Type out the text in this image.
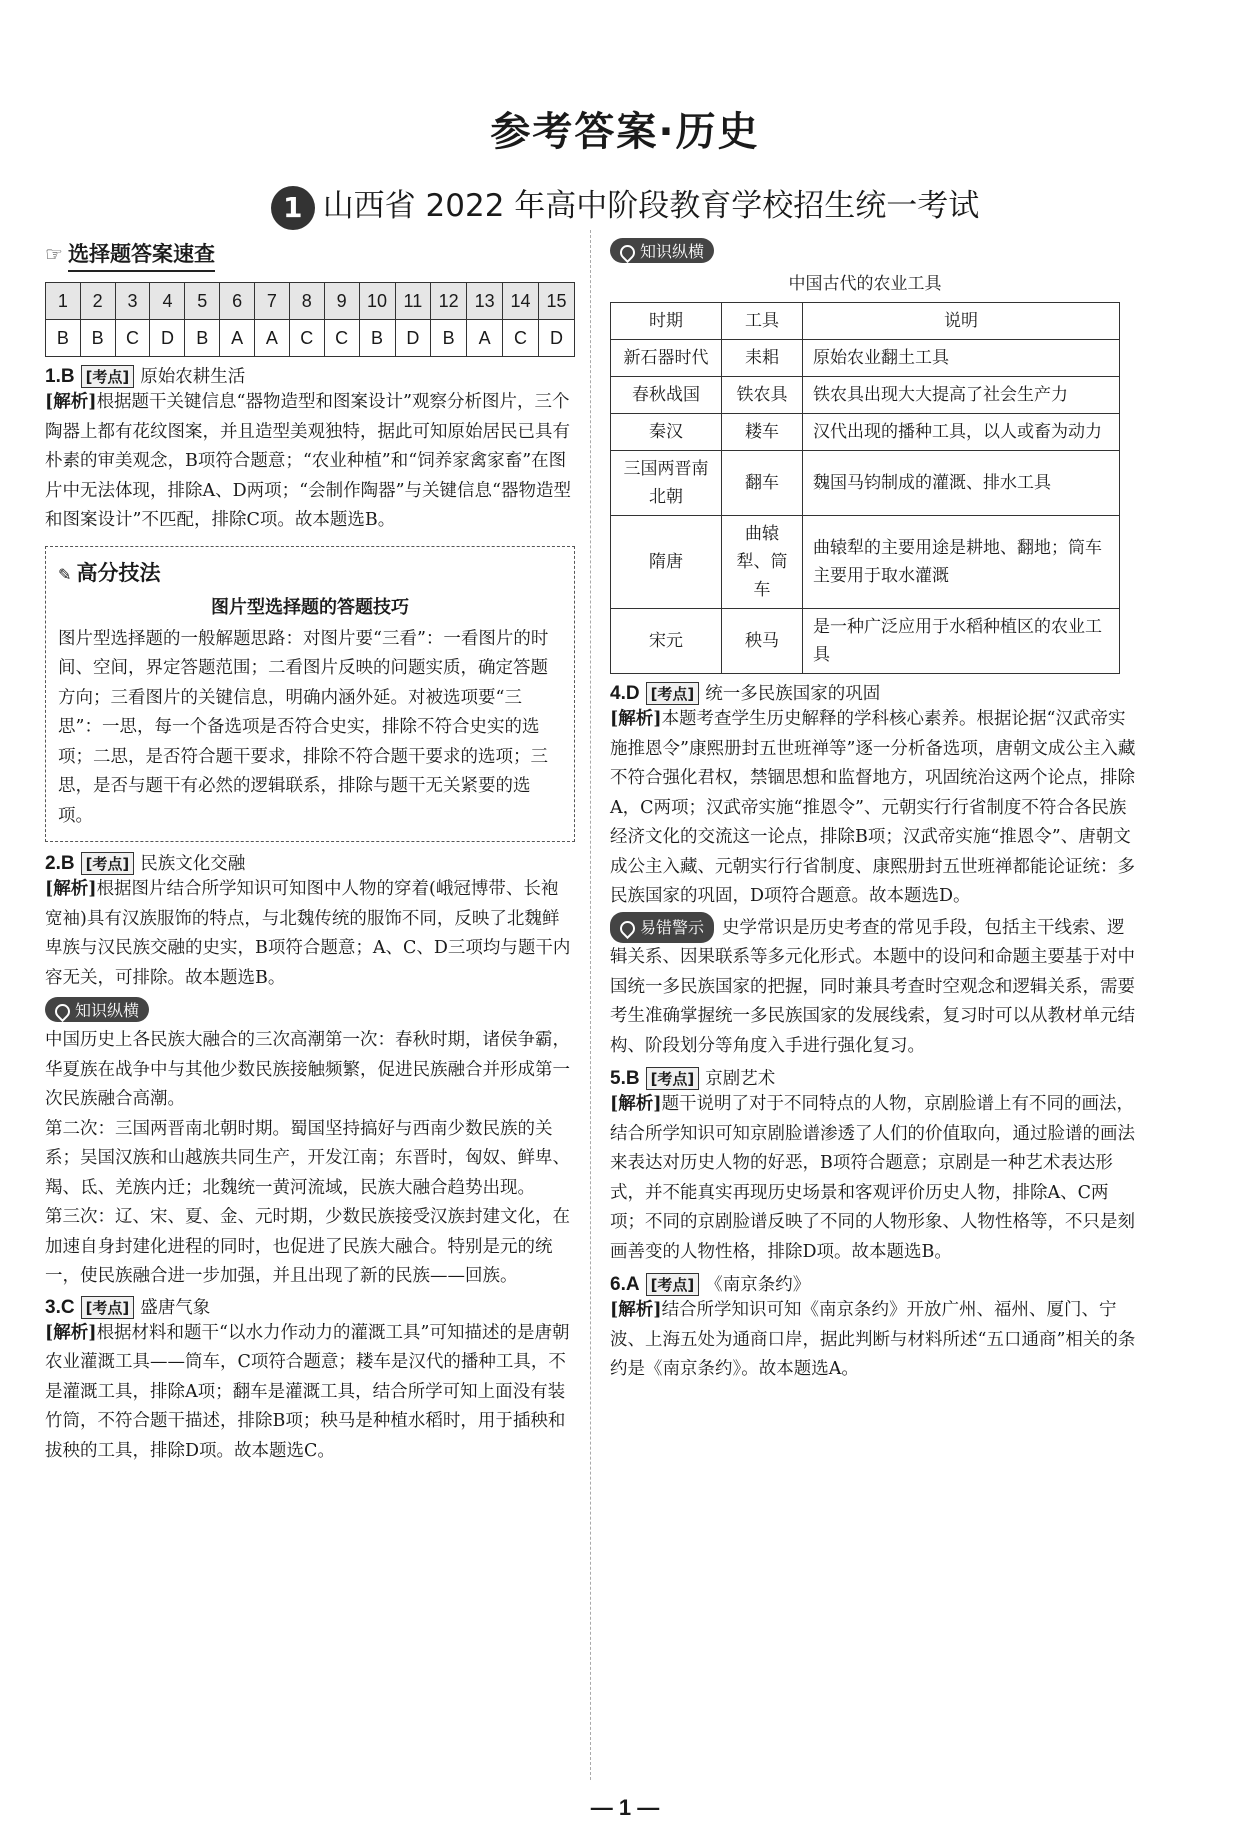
参考答案·历史
1 山西省 2022 年高中阶段教育学校招生统一考试
☞ 选择题答案速查
1	2	3	4	5	6	7	8	9	10	11	12	13	14	15
B	B	C	D	B	A	A	C	C	B	D	B	A	C	D
1.B [考点] 原始农耕生活

[解析]根据题干关键信息“器物造型和图案设计”观察分析图片，三个陶器上都有花纹图案，并且造型美观独特，据此可知原始居民已具有朴素的审美观念，B项符合题意；“农业种植”和“饲养家禽家畜”在图片中无法体现，排除A、D两项；“会制作陶器”与关键信息“器物造型和图案设计”不匹配，排除C项。故本题选B。

✎ 高分技法
图片型选择题的答题技巧

图片型选择题的一般解题思路：对图片要“三看”：一看图片的时间、空间，界定答题范围；二看图片反映的问题实质，确定答题方向；三看图片的关键信息，明确内涵外延。对被选项要“三思”：一思，每一个备选项是否符合史实，排除不符合史实的选项；二思，是否符合题干要求，排除不符合题干要求的选项；三思，是否与题干有必然的逻辑联系，排除与题干无关紧要的选项。

2.B [考点] 民族文化交融

[解析]根据图片结合所学知识可知图中人物的穿着(峨冠博带、长袍宽袖)具有汉族服饰的特点，与北魏传统的服饰不同，反映了北魏鲜卑族与汉民族交融的史实，B项符合题意；A、C、D三项均与题干内容无关，可排除。故本题选B。

知识纵横

中国历史上各民族大融合的三次高潮第一次：春秋时期，诸侯争霸，华夏族在战争中与其他少数民族接触频繁，促进民族融合并形成第一次民族融合高潮。

第二次：三国两晋南北朝时期。蜀国坚持搞好与西南少数民族的关系；吴国汉族和山越族共同生产，开发江南；东晋时，匈奴、鲜卑、羯、氐、羌族内迁；北魏统一黄河流域，民族大融合趋势出现。

第三次：辽、宋、夏、金、元时期，少数民族接受汉族封建文化，在加速自身封建化进程的同时，也促进了民族大融合。特别是元的统一，使民族融合进一步加强，并且出现了新的民族——回族。

3.C [考点] 盛唐气象

[解析]根据材料和题干“以水力作动力的灌溉工具”可知描述的是唐朝农业灌溉工具——筒车，C项符合题意；耧车是汉代的播种工具，不是灌溉工具，排除A项；翻车是灌溉工具，结合所学可知上面没有装竹筒，不符合题干描述，排除B项；秧马是种植水稻时，用于插秧和拔秧的工具，排除D项。故本题选C。

知识纵横
中国古代的农业工具
时期	工具	说明
新石器时代	耒耜	原始农业翻土工具
春秋战国	铁农具	铁农具出现大大提高了社会生产力
秦汉	耧车	汉代出现的播种工具，以人或畜为动力
三国两晋南北朝	翻车	魏国马钧制成的灌溉、排水工具
隋唐	曲辕犁、筒车	曲辕犁的主要用途是耕地、翻地；筒车主要用于取水灌溉
宋元	秧马	是一种广泛应用于水稻种植区的农业工具
4.D [考点] 统一多民族国家的巩固

[解析]本题考查学生历史解释的学科核心素养。根据论据“汉武帝实施推恩令”康熙册封五世班禅等”逐一分析备选项，唐朝文成公主入藏不符合强化君权，禁锢思想和监督地方，巩固统治这两个论点，排除A，C两项；汉武帝实施“推恩令”、元朝实行行省制度不符合各民族经济文化的交流这一论点，排除B项；汉武帝实施“推恩令”、唐朝文成公主入藏、元朝实行行省制度、康熙册封五世班禅都能论证统：多民族国家的巩固，D项符合题意。故本题选D。

易错警示 史学常识是历史考查的常见手段，包括主干线索、逻辑关系、因果联系等多元化形式。本题中的设问和命题主要基于对中国统一多民族国家的把握，同时兼具考查时空观念和逻辑关系，需要考生准确掌握统一多民族国家的发展线索，复习时可以从教材单元结构、阶段划分等角度入手进行强化复习。

5.B [考点] 京剧艺术

[解析]题干说明了对于不同特点的人物，京剧脸谱上有不同的画法，结合所学知识可知京剧脸谱渗透了人们的价值取向，通过脸谱的画法来表达对历史人物的好恶，B项符合题意；京剧是一种艺术表达形式，并不能真实再现历史场景和客观评价历史人物，排除A、C两项；不同的京剧脸谱反映了不同的人物形象、人物性格等，不只是刻画善变的人物性格，排除D项。故本题选B。

6.A [考点] 《南京条约》

[解析]结合所学知识可知《南京条约》开放广州、福州、厦门、宁波、上海五处为通商口岸，据此判断与材料所述“五口通商”相关的条约是《南京条约》。故本题选A。

— 1 —
